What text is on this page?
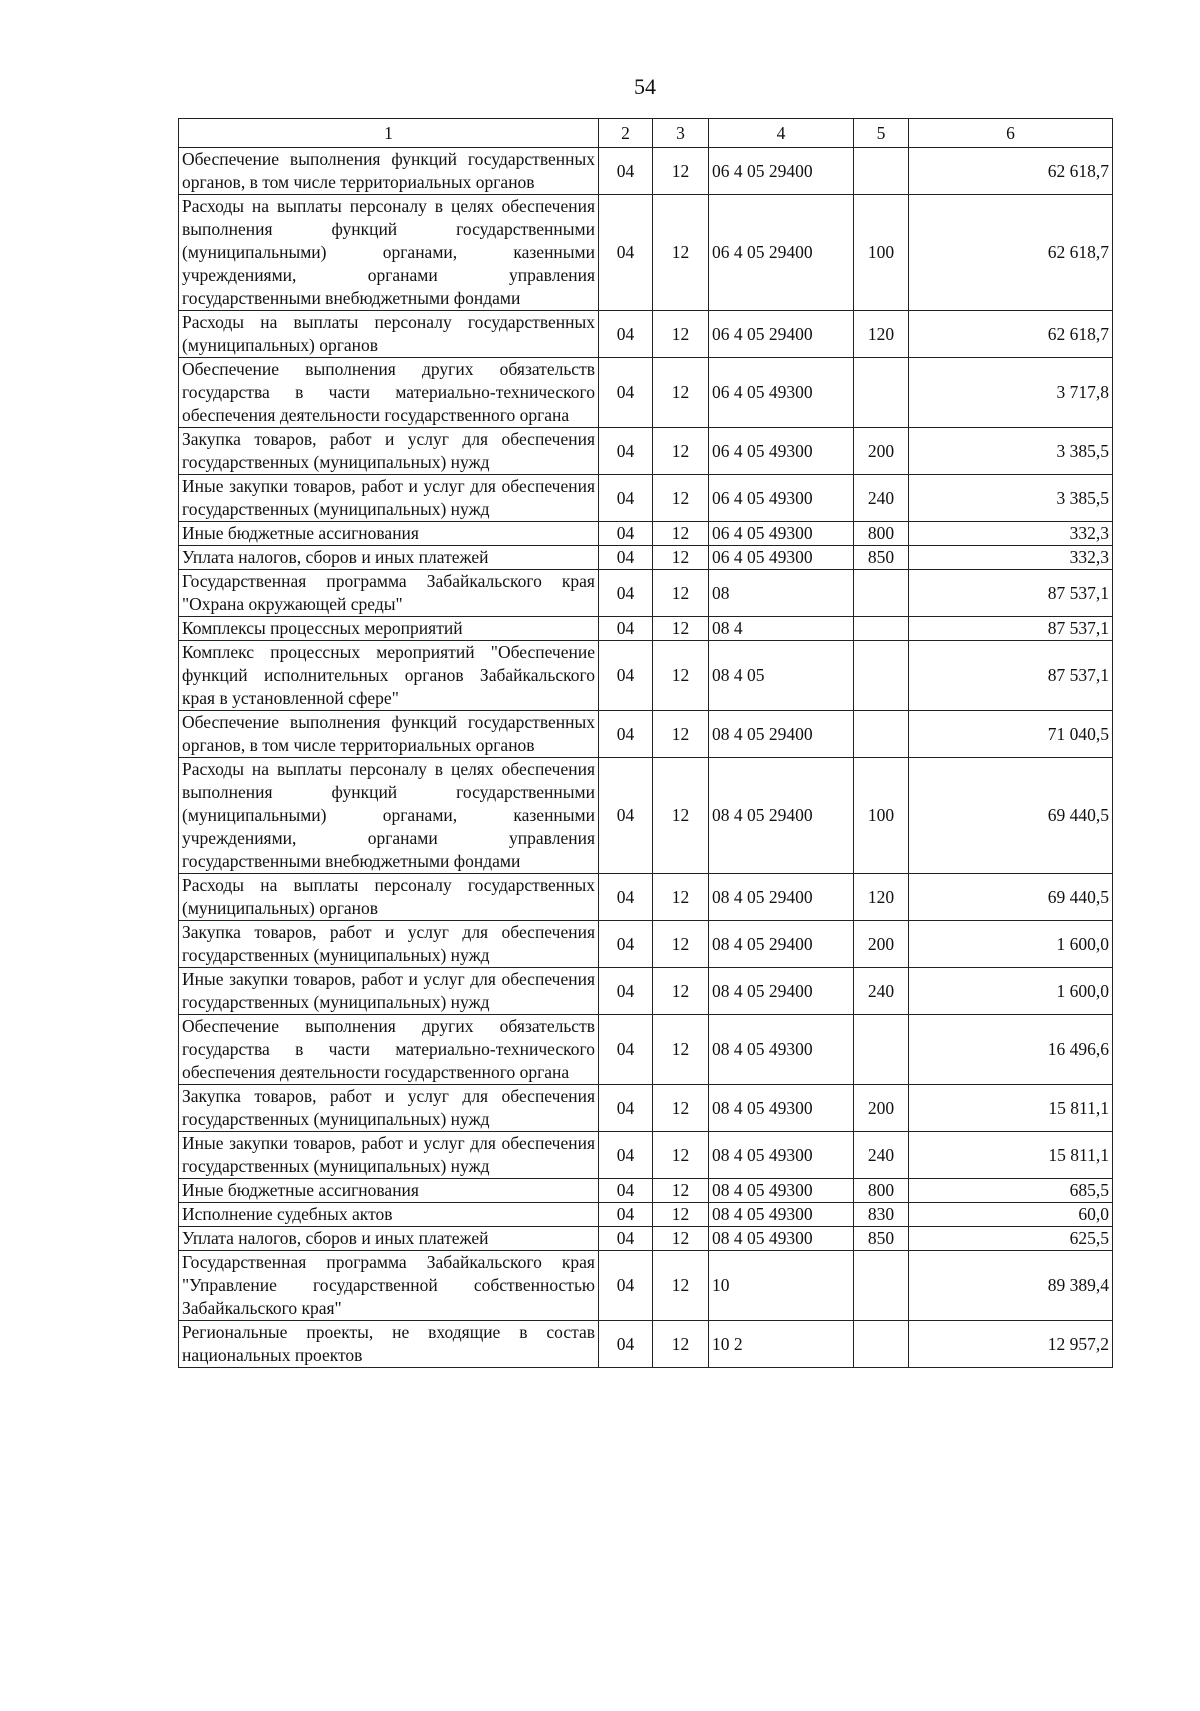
54
1	2	3	4	5	6
Обеспечение выполнения функций государственных органов, в том числе территориальных органов	04	12	06 4 05 29400		62 618,7
Расходы на выплаты персоналу в целях обеспечения выполнения функций государственными (муниципальными) органами, казенными учреждениями, органами управления государственными внебюджетными фондами	04	12	06 4 05 29400	100	62 618,7
Расходы на выплаты персоналу государственных (муниципальных) органов	04	12	06 4 05 29400	120	62 618,7
Обеспечение выполнения других обязательств государства в части материально-технического обеспечения деятельности государственного органа	04	12	06 4 05 49300		3 717,8
Закупка товаров, работ и услуг для обеспечения государственных (муниципальных) нужд	04	12	06 4 05 49300	200	3 385,5
Иные закупки товаров, работ и услуг для обеспечения государственных (муниципальных) нужд	04	12	06 4 05 49300	240	3 385,5
Иные бюджетные ассигнования	04	12	06 4 05 49300	800	332,3
Уплата налогов, сборов и иных платежей	04	12	06 4 05 49300	850	332,3
Государственная программа Забайкальского края "Охрана окружающей среды"	04	12	08		87 537,1
Комплексы процессных мероприятий	04	12	08 4		87 537,1
Комплекс процессных мероприятий "Обеспечение функций исполнительных органов Забайкальского края в установленной сфере"	04	12	08 4 05		87 537,1
Обеспечение выполнения функций государственных органов, в том числе территориальных органов	04	12	08 4 05 29400		71 040,5
Расходы на выплаты персоналу в целях обеспечения выполнения функций государственными (муниципальными) органами, казенными учреждениями, органами управления государственными внебюджетными фондами	04	12	08 4 05 29400	100	69 440,5
Расходы на выплаты персоналу государственных (муниципальных) органов	04	12	08 4 05 29400	120	69 440,5
Закупка товаров, работ и услуг для обеспечения государственных (муниципальных) нужд	04	12	08 4 05 29400	200	1 600,0
Иные закупки товаров, работ и услуг для обеспечения государственных (муниципальных) нужд	04	12	08 4 05 29400	240	1 600,0
Обеспечение выполнения других обязательств государства в части материально-технического обеспечения деятельности государственного органа	04	12	08 4 05 49300		16 496,6
Закупка товаров, работ и услуг для обеспечения государственных (муниципальных) нужд	04	12	08 4 05 49300	200	15 811,1
Иные закупки товаров, работ и услуг для обеспечения государственных (муниципальных) нужд	04	12	08 4 05 49300	240	15 811,1
Иные бюджетные ассигнования	04	12	08 4 05 49300	800	685,5
Исполнение судебных актов	04	12	08 4 05 49300	830	60,0
Уплата налогов, сборов и иных платежей	04	12	08 4 05 49300	850	625,5
Государственная программа Забайкальского края "Управление государственной собственностью Забайкальского края"	04	12	10		89 389,4
Региональные проекты, не входящие в состав национальных проектов	04	12	10 2		12 957,2
